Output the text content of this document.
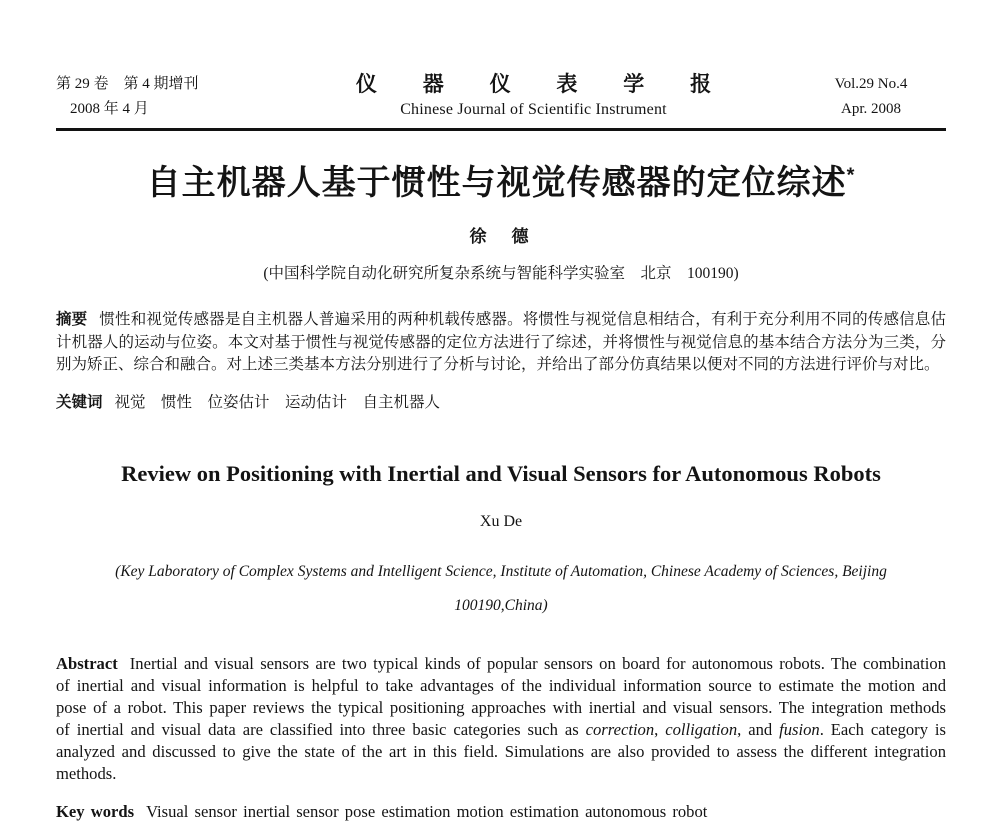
第 29 卷　第 4 期增刊
2008 年 4 月
仪 器 仪 表 学 报
Chinese Journal of Scientific Instrument
Vol.29 No.4
Apr. 2008
自主机器人基于惯性与视觉传感器的定位综述*
徐　德
(中国科学院自动化研究所复杂系统与智能科学实验室　北京　100190)

摘要 惯性和视觉传感器是自主机器人普遍采用的两种机载传感器。将惯性与视觉信息相结合，有利于充分利用不同的传感信息估计机器人的运动与位姿。本文对基于惯性与视觉传感器的定位方法进行了综述，并将惯性与视觉信息的基本结合方法分为三类，分别为矫正、综合和融合。对上述三类基本方法分别进行了分析与讨论，并给出了部分仿真结果以便对不同的方法进行评价与对比。

关键词 视觉　惯性　位姿估计　运动估计　自主机器人
Review on Positioning with Inertial and Visual Sensors for Autonomous Robots
Xu De
(Key Laboratory of Complex Systems and Intelligent Science, Institute of Automation, Chinese Academy of Sciences, Beijing
100190,China)

Abstract Inertial and visual sensors are two typical kinds of popular sensors on board for autonomous robots. The combination of inertial and visual information is helpful to take advantages of the individual information source to estimate the motion and pose of a robot. This paper reviews the typical positioning approaches with inertial and visual sensors. The integration methods of inertial and visual data are classified into three basic categories such as correction, colligation, and fusion. Each category is analyzed and discussed to give the state of the art in this field. Simulations are also provided to assess the different integration methods.

Key words Visual sensor inertial sensor pose estimation motion estimation autonomous robot
